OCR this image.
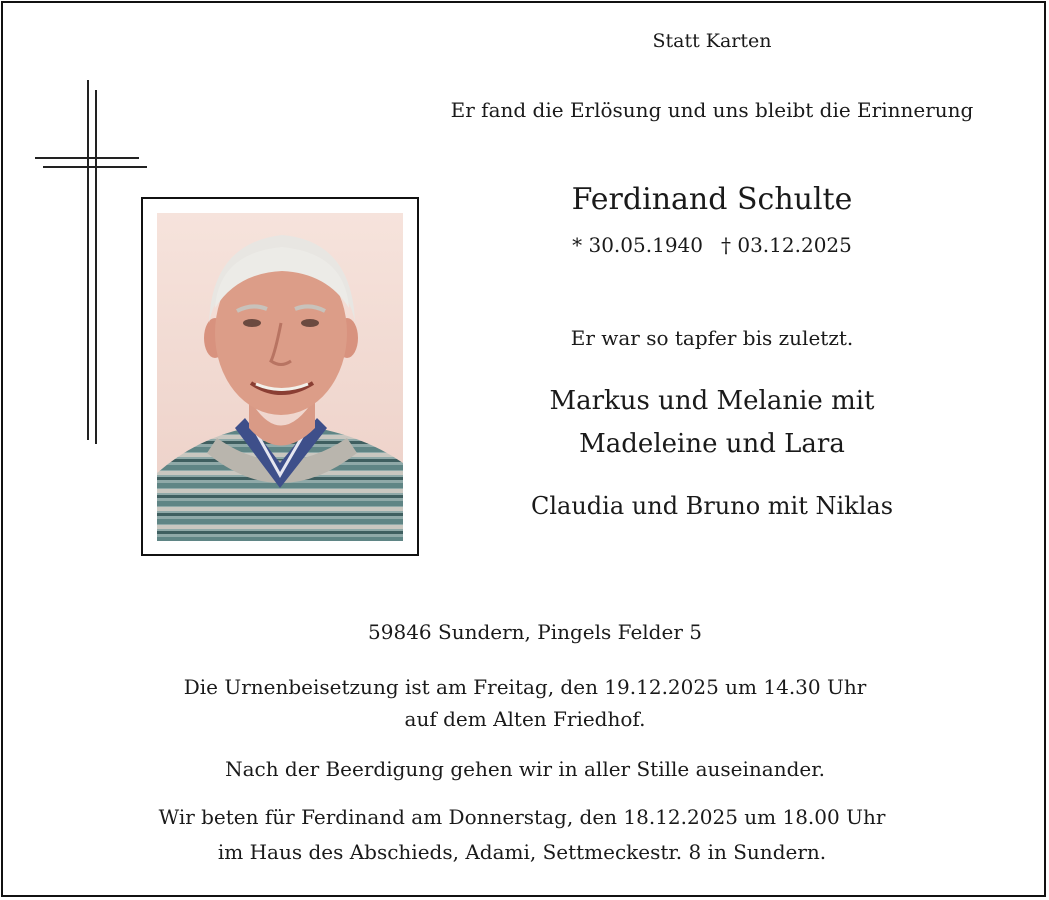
Statt Karten
Er fand die Erlösung und uns bleibt die Erinnerung
Ferdinand Schulte
* 30.05.1940 † 03.12.2025
Er war so tapfer bis zuletzt.
Markus und Melanie mit
Madeleine und Lara
Claudia und Bruno mit Niklas
59846 Sundern, Pingels Felder 5
Die Urnenbeisetzung ist am Freitag, den 19.12.2025 um 14.30 Uhr
auf dem Alten Friedhof.
Nach der Beerdigung gehen wir in aller Stille auseinander.
Wir beten für Ferdinand am Donnerstag, den 18.12.2025 um 18.00 Uhr
im Haus des Abschieds, Adami, Settmeckestr. 8 in Sundern.
